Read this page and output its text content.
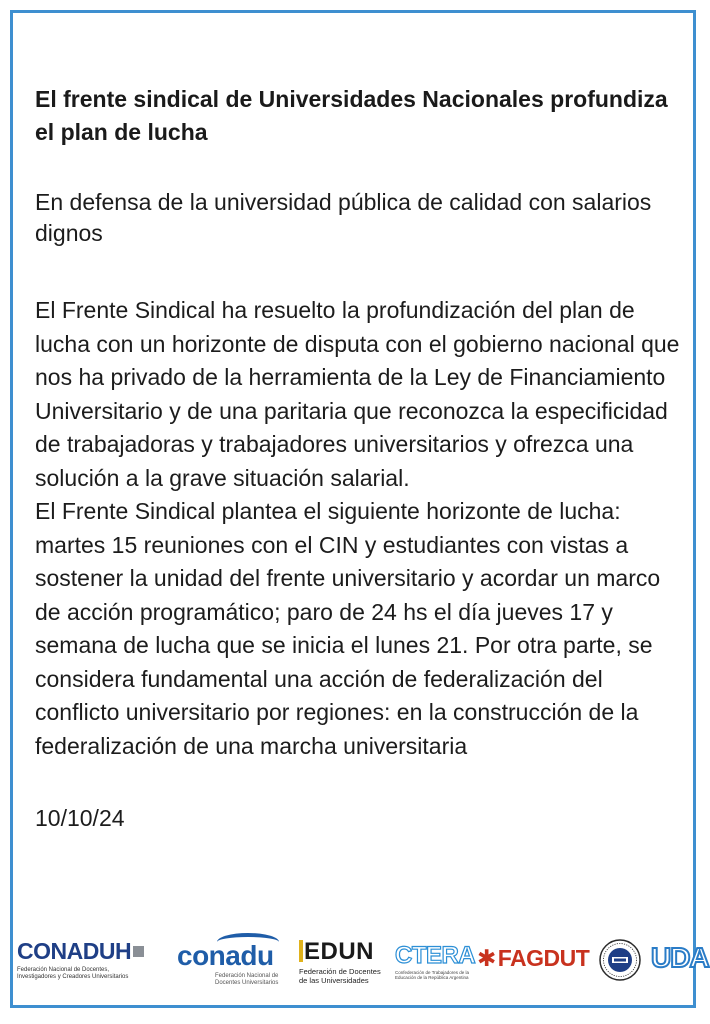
El frente sindical de Universidades Nacionales profundiza el plan de lucha

En defensa de la universidad pública de calidad con salarios dignos

El Frente Sindical ha resuelto la profundización del plan de lucha con un horizonte de disputa con el gobierno nacional que nos ha privado de la herramienta de la Ley de Financiamiento Universitario y de una paritaria que reconozca la especificidad de trabajadoras y trabajadores universitarios y ofrezca una solución a la grave situación salarial.

El Frente Sindical plantea el siguiente horizonte de lucha: martes 15 reuniones con el CIN y estudiantes con vistas a sostener la unidad del frente universitario y acordar un marco de acción programático; paro de 24 hs el día jueves 17 y semana de lucha que se inicia el lunes 21. Por otra parte, se considera fundamental una acción de federalización del conflicto universitario por regiones: en la construcción de la federalización de una marcha universitaria

10/10/24

CONADUH
Federación Nacional de Docentes,
Investigadores y Creadores Universitarios
conadu
Federación Nacional de
Docentes Universitarios
EDUN
Federación de Docentes
de las Universidades
CTERA
Confederación de Trabajadores de la
Educación de la República Argentina
✱FAGDUT UDA
